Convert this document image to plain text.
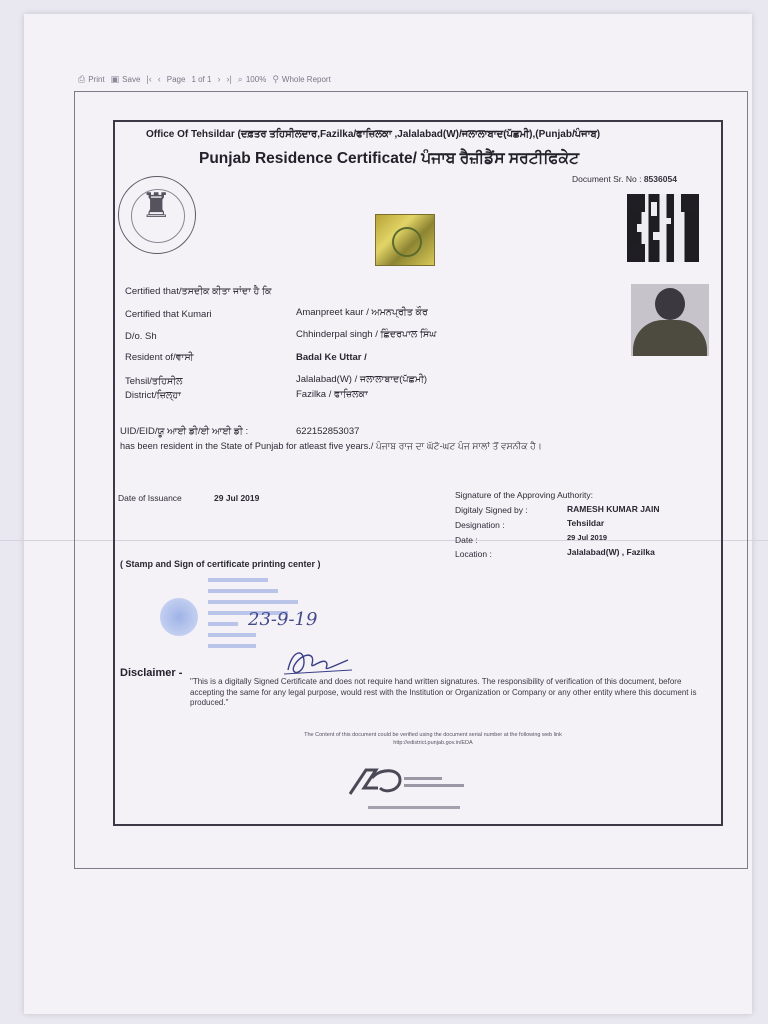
⎙ Print ▣ Save |‹ ‹ Page 1 of 1 › ›| ⌕ 100% ⚲ Whole Report
Office Of Tehsildar (ਦਫ਼ਤਰ ਤਹਿਸੀਲਦਾਰ,Fazilka/ਫਾਜ਼ਿਲਕਾ ,Jalalabad(W)/ਜਲਾਲਾਬਾਦ(ਪੱਛਮੀ),(Punjab/ਪੰਜਾਬ)
Punjab Residence Certificate/ ਪੰਜਾਬ ਰੈਜ਼ੀਡੈਂਸ ਸਰਟੀਫਿਕੇਟ
Document Sr. No : 8536054
♜
Certified that/ਤਸਦੀਕ ਕੀਤਾ ਜਾਂਦਾ ਹੈ ਕਿ
Certified that Kumari	Amanpreet kaur / ਅਮਨਪ੍ਰੀਤ ਕੌਰ
D/o. Sh	Chhinderpal singh / ਛਿੰਦਰਪਾਲ ਸਿੰਘ
Resident of/ਵਾਸੀ	Badal Ke Uttar /
Tehsil/ਤਹਿਸੀਲ	Jalalabad(W) / ਜਲਾਲਾਬਾਦ(ਪੱਛਮੀ)
District/ਜ਼ਿਲ੍ਹਾ	Fazilka / ਫਾਜ਼ਿਲਕਾ
UID/EID/ਯੂ ਆਈ ਡੀ/ਈ ਆਈ ਡੀ :	622152853037
has been resident in the State of Punjab for atleast five years./ ਪੰਜਾਬ ਰਾਜ ਦਾ ਘੱਟੋ-ਘਟ ਪੰਜ ਸਾਲਾਂ ਤੋਂ ਵਸਨੀਕ ਹੈ।
Date of Issuance	29 Jul 2019	Signature of the Approving Authority:
Digitaly Signed by :	RAMESH KUMAR JAIN
Designation :	Tehsildar
Date :	29 Jul 2019
Location :	Jalalabad(W) , Fazilka
( Stamp and Sign of certificate printing center )
23-9-19
Disclaimer -
"This is a digitally Signed Certificate and does not require hand written signatures. The responsibility of verification of this document, before accepting the same for any legal purpose, would rest with the Institution or Organization or Company or any other entity where this document is produced."
The Content of this document could be verified using the document serial number at the following web link
http://edistrict.punjab.gov.in/EDA
